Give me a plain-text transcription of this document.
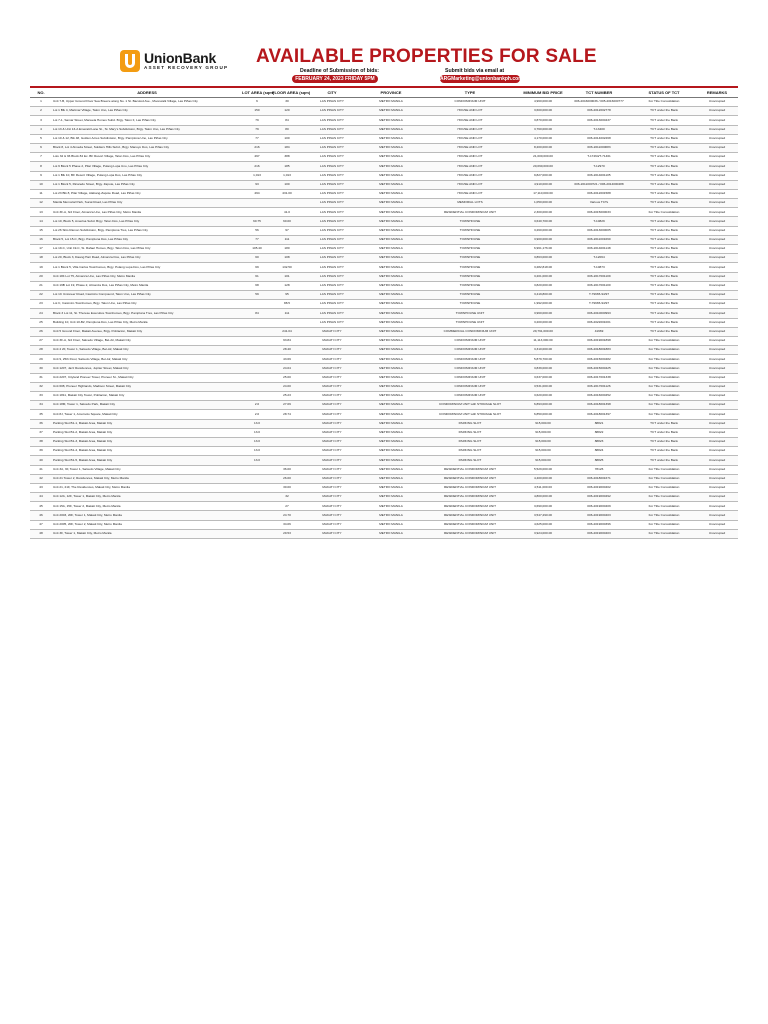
UnionBank
ASSET RECOVERY GROUP
AVAILABLE PROPERTIES FOR SALE
Deadline of Submission of bids:	Submit bids via email at
FEBRUARY 24, 2023 FRIDAY 5PM	ARGMarketing@unionbankph.com
NO.	ADDRESS	LOT AREA (sqm)	FLOOR AREA (sqm)	CITY	PROVINCE	TYPE	MINIMUM BID PRICE	TCT NUMBER	STATUS OF TCT	REMARKS
1	Unit 7-B, Upper Ground Floor Sea Breeze along No. 1 St. Bacolod Ave., Moonwalk Village, Las Piñas City	6	30	LAS PINAS CITY	METRO MANILA	CONDOMINIUM UNIT	4,960,000.00	006-2016000036 / 005-2016000777	For Title Consolidation	Unoccupied
2	Lot 1 Blk 4, Marimar Village, Talon Uno, Las Piñas City	150	120	LAS PINAS CITY	METRO MANILA	HOUSE AND LOT	3,600,000.00	006-2012002778	TCT under the Bank	Unoccupied
3	Lot 7-1, Samar Street, Manuela Homes Subd. Brgy. Talon II, Las Piñas City	79	84	LAS PINAS CITY	METRO MANILA	HOUSE AND LOT	3,870,000.00	006-2013000437	TCT under the Bank	Unoccupied
4	Lot 13 & Unit 13-A Emerald Lane St., St. Mary's Subdivision, Brgy. Talon Uno, Las Piñas City	79	80	LAS PINAS CITY	METRO MANILA	HOUSE AND LOT	3,760,000.00	T-13400	TCT under the Bank	Unoccupied
5	Lot 10 & 12, Blk 48, Golden Acres Subdivision, Brgy. Pamplona Uno, Las Piñas City	77	100	LAS PINAS CITY	METRO MANILA	HOUSE AND LOT	4,170,000.00	006-2014002268	TCT under the Bank	Unoccupied
6	Block 8, Lot 4 Almeda Street, Soldiers Hills Subd., Brgy. Manuyo Dos, Las Piñas City	216	184	LAS PINAS CITY	METRO MANILA	HOUSE AND LOT	8,200,000.00	006-2011000083	TCT under the Bank	Unoccupied
7	Lots 34 & 36 Block 84 Ex. BF Resort Village, Talon Dos, Las Piñas City	497	388	LAS PINAS CITY	METRO MANILA	HOUSE AND LOT	21,000,000.00	T-17464/T-71461	TCT under the Bank	Unoccupied
8	Lot 9 Block 5 Phase 2, Pilar Village, Pulang Lupa Uno, Las Piñas City	216	185	LAS PINAS CITY	METRO MANILA	HOUSE AND LOT	20,090,000.00	T-12970	TCT under the Bank	Unoccupied
9	Lot 1 Blk 10, BF Resort Village, Pulang Lupa Dos, Las Piñas City	1,013	1,013	LAS PINAS CITY	METRO MANILA	HOUSE AND LOT	9,827,000.00	006-2014001105	TCT under the Bank	Unoccupied
10	Lot 1 Block 5, Ricaredo Street, Brgy. Zapote, Las Piñas City	93	100	LAS PINAS CITY	METRO MANILA	HOUSE AND LOT	4,910,000.00	006-2011000721 / 006-2014000488	TCT under the Bank	Unoccupied
11	Lot 23 Blk 8, Pilar Village, Alabang-Zapote Road, Las Piñas City	494	431.00	LAS PINAS CITY	METRO MANILA	HOUSE AND LOT	17,110,000.00	006-2012001588	TCT under the Bank	Unoccupied
12	Manila Memorial Park, Sucat Road, Las Piñas City			LAS PINAS CITY	METRO MANILA	MEMORIAL LOTS	1,050,000.00	Various TCTs	TCT under the Bank	Unoccupied
13	Unit 3F-A, 3rd Floor, Almanza Uno, Las Piñas City, Metro Manila		41.0	LAS PINAS CITY	METRO MANILA	RESIDENTIAL CONDOMINIUM UNIT	2,300,000.00	006-2015000033	For Title Consolidation	Unoccupied
14	Lot 10, Block 5, Amerisa Subd. Brgy. Talon Dos, Las Piñas City	60.75	60.00	LAS PINAS CITY	METRO MANILA	TOWNHOUSE	3,640,700.00	T-10829	TCT under the Bank	Unoccupied
15	Lot 26 Sitio Ramon Subdivision, Brgy. Pamplona Tres, Las Piñas City	56	97	LAS PINAS CITY	METRO MANILA	TOWNHOUSE	3,260,000.00	006-2013000005	TCT under the Bank	Unoccupied
16	Block 5, Lot 15-C, Brgy. Pamplona Dos, Las Piñas City	77	111	LAS PINAS CITY	METRO MANILA	TOWNHOUSE	3,900,000.00	006-2011001690	TCT under the Bank	Unoccupied
17	Lot 19-C, Unit 19-C, St. Rafael Homes, Brgy. Talon Dos, Las Piñas City	105.40	180	LAS PINAS CITY	METRO MANILA	TOWNHOUSE	6,961,176.00	006-2014001148	TCT under the Bank	Unoccupied
18	Lot 20, Block 3, Daang Hari Road, Almanza Dos, Las Piñas City	60	108	LAS PINAS CITY	METRO MANILA	TOWNHOUSE	3,863,000.00	T-12064	TCT under the Bank	Unoccupied
19	Lot 1 Block 5, Villa Carlos Townhomes, Brgy. Pulang Lupa Dos, Las Piñas City	69	132.50	LAS PINAS CITY	METRO MANILA	TOWNHOUSE	3,282,818.00	T-10873	TCT under the Bank	Unoccupied
20	Unit 184 Lot 75, Almanza Uno, Las Piñas City, Metro Manila	61	101	LAS PINAS CITY	METRO MANILA	TOWNHOUSE	3,201,000.00	006-2017001109	TCT under the Bank	Unoccupied
21	Unit 19B Lot 19, Phase 2, Almanza Dos, Las Piñas City, Metro Manila	68	128	LAS PINAS CITY	METRO MANILA	TOWNHOUSE	3,820,000.00	006-2017001100	TCT under the Bank	Unoccupied
22	Lot 1C Unioneer Road, Casimiro Compound, Talon Uno, Las Piñas City	59	95	LAS PINAS CITY	METRO MANILA	TOWNHOUSE	3,419,800.00	T-79665-94/97	TCT under the Bank	Unoccupied
23	Lot C, Casimiro Townhomes, Brgy. Talon Uno, Las Piñas City		88.5	LAS PINAS CITY	METRO MANILA	TOWNHOUSE	1,992,000.00	T-79665-94/97	TCT under the Bank	Unoccupied
24	Block 3 Lot 11, St. Therese Executive Townhomes, Brgy. Pamplona Tres, Las Piñas City	84	111	LAS PINAS CITY	METRO MANILA	TOWNHOUSE UNIT	3,960,000.00	006-2010000993	TCT under the Bank	Unoccupied
25	Building 10, Unit 10-B2, Pamplona Dos, Las Piñas City, Metro Manila			LAS PINAS CITY	METRO MANILA	TOWNHOUSE UNIT	3,200,000.00	006-2022001001	TCT under the Bank	Unoccupied
26	Unit 5 Ground Floor, Makati Avenue, Brgy. Poblacion, Makati City		241.04	MAKATI CITY	METRO MANILA	COMMERCIAL CONDOMINIUM UNIT	29,791,000.00	41969	TCT under the Bank	Unoccupied
27	Unit 3F-A, 3rd Floor, Salcedo Village, Bel-Air, Makati City		93.84	MAKATI CITY	METRO MANILA	CONDOMINIUM UNIT	11,113,000.00	006-2019001898	For Title Consolidation	Unoccupied
28	Unit 4 2F, Tower 1, Salcedo Village, Bel-Air, Makati City		28.40	MAKATI CITY	METRO MANILA	CONDOMINIUM UNIT	3,310,000.00	006-2018001883	For Title Consolidation	Unoccupied
29	Unit 9, 25th Floor, Salcedo Village, Bel-Air, Makati City		43.69	MAKATI CITY	METRO MANILA	CONDOMINIUM UNIT	5,879,700.00	006-2015000482	For Title Consolidation	Unoccupied
30	Unit 1207, Jazz Residences, Jupiter Street, Makati City		24.04	MAKATI CITY	METRO MANILA	CONDOMINIUM UNIT	3,839,000.00	006-2015000425	For Title Consolidation	Unoccupied
31	Unit 2207, Cityland Pioneer Tower, Pioneer St., Makati City		25.00	MAKATI CITY	METRO MANILA	CONDOMINIUM UNIT	3,637,000.00	006-2017001338	For Title Consolidation	Unoccupied
32	Unit 608, Pioneer Highlands, Madison Street, Makati City		24.00	MAKATI CITY	METRO MANILA	CONDOMINIUM UNIT	3,531,000.00	006-2017001126	For Title Consolidation	Unoccupied
33	Unit 1811, Makati City Tower, Poblacion, Makati City		25.23	MAKATI CITY	METRO MANILA	CONDOMINIUM UNIT	3,620,000.00	006-2016000452	For Title Consolidation	Unoccupied
34	Unit 18M, Tower 1, Salcedo Park, Makati City	2.0	27.09	MAKATI CITY	METRO MANILA	CONDOMINIUM UNIT with STORAGE SLOT	6,893,000.00	006-2018001398	For Title Consolidation	Unoccupied
35	Unit 8J, Tower 1, Amorsolo Square, Makati City	2.0	28.74	MAKATI CITY	METRO MANILA	CONDOMINIUM UNIT with STORAGE SLOT	6,850,000.00	006-2018001397	For Title Consolidation	Unoccupied
36	Parking Slot B1-1, Makati Area, Makati City	13.0		MAKATI CITY	METRO MANILA	PARKING SLOT	915,000.00	88821	TCT under the Bank	Unoccupied
37	Parking Slot B1-2, Makati Area, Makati City	13.0		MAKATI CITY	METRO MANILA	PARKING SLOT	915,000.00	88822	TCT under the Bank	Unoccupied
38	Parking Slot B1-3, Makati Area, Makati City	13.0		MAKATI CITY	METRO MANILA	PARKING SLOT	915,000.00	88823	TCT under the Bank	Unoccupied
39	Parking Slot B1-4, Makati Area, Makati City	13.0		MAKATI CITY	METRO MANILA	PARKING SLOT	915,000.00	88824	TCT under the Bank	Unoccupied
40	Parking Slot B1-5, Makati Area, Makati City	13.0		MAKATI CITY	METRO MANILA	PARKING SLOT	915,000.00	88825	TCT under the Bank	Unoccupied
41	Unit 3A, 3F, Tower 1, Salcedo Village, Makati City		36.00	MAKATI CITY	METRO MANILA	RESIDENTIAL CONDOMINIUM UNIT	5,529,000.00	78126	For Title Consolidation	Unoccupied
42	Unit 21 Tower 2, Residences, Makati City, Metro Manila		26.00	MAKATI CITY	METRO MANILA	RESIDENTIAL CONDOMINIUM UNIT	4,400,000.00	006-2018001671	For Title Consolidation	Unoccupied
43	Unit 21, 21F, The Residences, Makati City, Metro Manila		30.00	MAKATI CITY	METRO MANILA	RESIDENTIAL CONDOMINIUM UNIT	4,511,000.00	006-2019000402	For Title Consolidation	Unoccupied
44	Unit 12A, 12F, Tower 1, Makati City, Metro Manila		32	MAKATI CITY	METRO MANILA	RESIDENTIAL CONDOMINIUM UNIT	4,800,000.00	006-2019000492	For Title Consolidation	Unoccupied
45	Unit 15A, 15F, Tower 2, Makati City, Metro Manila		27	MAKATI CITY	METRO MANILA	RESIDENTIAL CONDOMINIUM UNIT	3,690,000.00	006-2019000409	For Title Consolidation	Unoccupied
46	Unit 2003, 20F, Tower 1, Makati City, Metro Manila		24.70	MAKATI CITY	METRO MANILA	RESIDENTIAL CONDOMINIUM UNIT	3,547,290.00	006-2019000403	For Title Consolidation	Unoccupied
47	Unit 2005, 20F, Tower 2, Makati City, Metro Manila		34.06	MAKATI CITY	METRO MANILA	RESIDENTIAL CONDOMINIUM UNIT	4,625,000.00	006-2019000396	For Title Consolidation	Unoccupied
48	Unit 3F, Tower 1, Makati City, Metro Manila		29.53	MAKATI CITY	METRO MANILA	RESIDENTIAL CONDOMINIUM UNIT	3,924,000.00	006-2019000403	For Title Consolidation	Unoccupied
